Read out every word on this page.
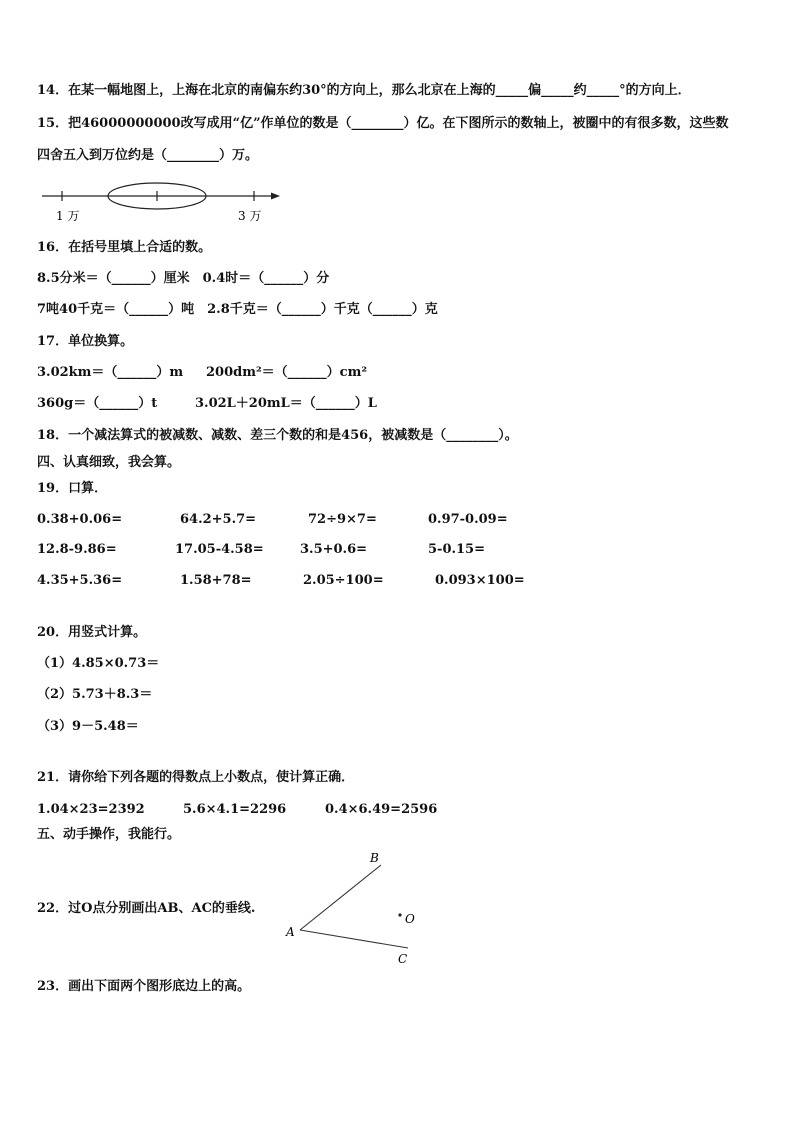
14．在某一幅地图上，上海在北京的南偏东约30°的方向上，那么北京在上海的_____偏_____约_____°的方向上．
15．把46000000000改写成用“亿”作单位的数是（________）亿。在下图所示的数轴上，被圈中的有很多数，这些数
四舍五入到万位约是（________）万。
1 万	3 万
16．在括号里填上合适的数。
8.5分米＝（______）厘米　0.4时＝（______）分
7吨40千克＝（______）吨　2.8千克＝（______）千克（______）克
17．单位换算。
3.02km＝（______）m 200dm²＝（______）cm²
360g＝（______）t	3.02L＋20mL＝（______）L
18．一个减法算式的被减数、减数、差三个数的和是456，被减数是（________）。
四、认真细致，我会算。
19．口算．
0.38+0.06=	64.2+5.7=	72÷9×7=	0.97-0.09=
12.8-9.86=	17.05-4.58=	3.5+0.6=	5-0.15=
4.35+5.36=	1.58+78=	2.05÷100=	0.093×100=
20．用竖式计算。
（1）4.85×0.73＝
（2）5.73＋8.3＝
（3）9－5.48＝
21．请你给下列各题的得数点上小数点，使计算正确．
1.04×23=2392	5.6×4.1=2296	0.4×6.49=2596
五、动手操作，我能行。
22．过O点分别画出AB、AC的垂线.
B
A
C
O
23．画出下面两个图形底边上的高。
